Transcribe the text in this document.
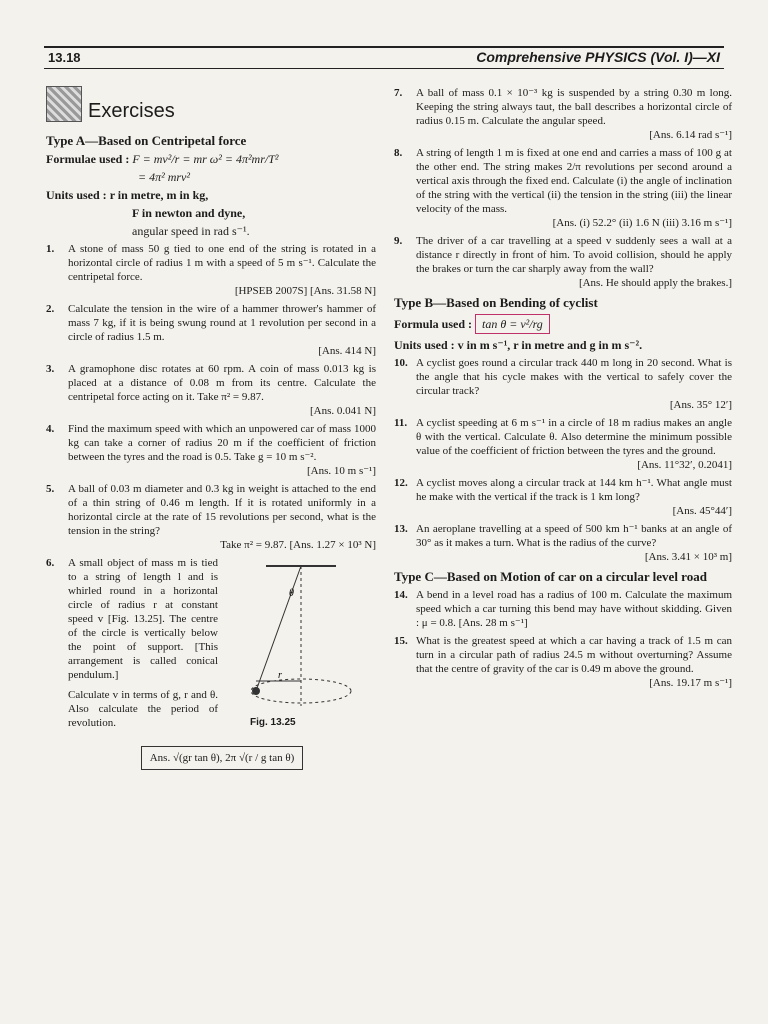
13.18	Comprehensive PHYSICS (Vol. I)—XI
Exercises
Type A—Based on Centripetal force
Formulae used : F = mv²/r = mr ω² = 4π²mr/T²
= 4π² mrv²
Units used : r in metre, m in kg,
F in newton and dyne,
angular speed in rad s⁻¹.
1. A stone of mass 50 g tied to one end of the string is rotated in a horizontal circle of radius 1 m with a speed of 5 m s⁻¹. Calculate the centripetal force.
[HPSEB 2007S] [Ans. 31.58 N]
2. Calculate the tension in the wire of a hammer thrower's hammer of mass 7 kg, if it is being swung round at 1 revolution per second in a circle of radius 1.5 m.
[Ans. 414 N]
3. A gramophone disc rotates at 60 rpm. A coin of mass 0.013 kg is placed at a distance of 0.08 m from its centre. Calculate the centripetal force acting on it. Take π² = 9.87.
[Ans. 0.041 N]
4. Find the maximum speed with which an unpowered car of mass 1000 kg can take a corner of radius 20 m if the coefficient of friction between the tyres and the road is 0.5. Take g = 10 m s⁻².
[Ans. 10 m s⁻¹]
5. A ball of 0.03 m diameter and 0.3 kg in weight is attached to the end of a thin string of 0.46 m length. If it is rotated uniformly in a horizontal circle at the rate of 15 revolutions per second, what is the tension in the string?
Take π² = 9.87. [Ans. 1.27 × 10³ N]
6. A small object of mass m is tied to a string of length l and is whirled round in a horizontal circle of radius r at constant speed v [Fig. 13.25]. The centre of the circle is vertically below the point of support. [This arrangement is called conical pendulum.]
Calculate v in terms of g, r and θ. Also calculate the period of revolution.
r
θ
Fig. 13.25
Ans. √(gr tan θ), 2π √(r / g tan θ)
7. A ball of mass 0.1 × 10⁻³ kg is suspended by a string 0.30 m long. Keeping the string always taut, the ball describes a horizontal circle of radius 0.15 m. Calculate the angular speed.
[Ans. 6.14 rad s⁻¹]
8. A string of length 1 m is fixed at one end and carries a mass of 100 g at the other end. The string makes 2/π revolutions per second around a vertical axis through the fixed end. Calculate (i) the angle of inclination of the string with the vertical (ii) the tension in the string (iii) the linear velocity of the mass.
[Ans. (i) 52.2° (ii) 1.6 N (iii) 3.16 m s⁻¹]
9. The driver of a car travelling at a speed v suddenly sees a wall at a distance r directly in front of him. To avoid collision, should he apply the brakes or turn the car sharply away from the wall?
[Ans. He should apply the brakes.]
Type B—Based on Bending of cyclist
Formula used : tan θ = v²/rg
Units used : v in m s⁻¹, r in metre and g in m s⁻².
10. A cyclist goes round a circular track 440 m long in 20 second. What is the angle that his cycle makes with the vertical to safely cover the circular track?
[Ans. 35° 12′]
11. A cyclist speeding at 6 m s⁻¹ in a circle of 18 m radius makes an angle θ with the vertical. Calculate θ. Also determine the minimum possible value of the coefficient of friction between the tyres and the ground.
[Ans. 11°32′, 0.2041]
12. A cyclist moves along a circular track at 144 km h⁻¹. What angle must he make with the vertical if the track is 1 km long?
[Ans. 45°44′]
13. An aeroplane travelling at a speed of 500 km h⁻¹ banks at an angle of 30° as it makes a turn. What is the radius of the curve?
[Ans. 3.41 × 10³ m]
Type C—Based on Motion of car on a circular level road
14. A bend in a level road has a radius of 100 m. Calculate the maximum speed which a car turning this bend may have without skidding. Given : μ = 0.8. [Ans. 28 m s⁻¹]
15. What is the greatest speed at which a car having a track of 1.5 m can turn in a circular path of radius 24.5 m without overturning? Assume that the centre of gravity of the car is 0.49 m above the ground.
[Ans. 19.17 m s⁻¹]
